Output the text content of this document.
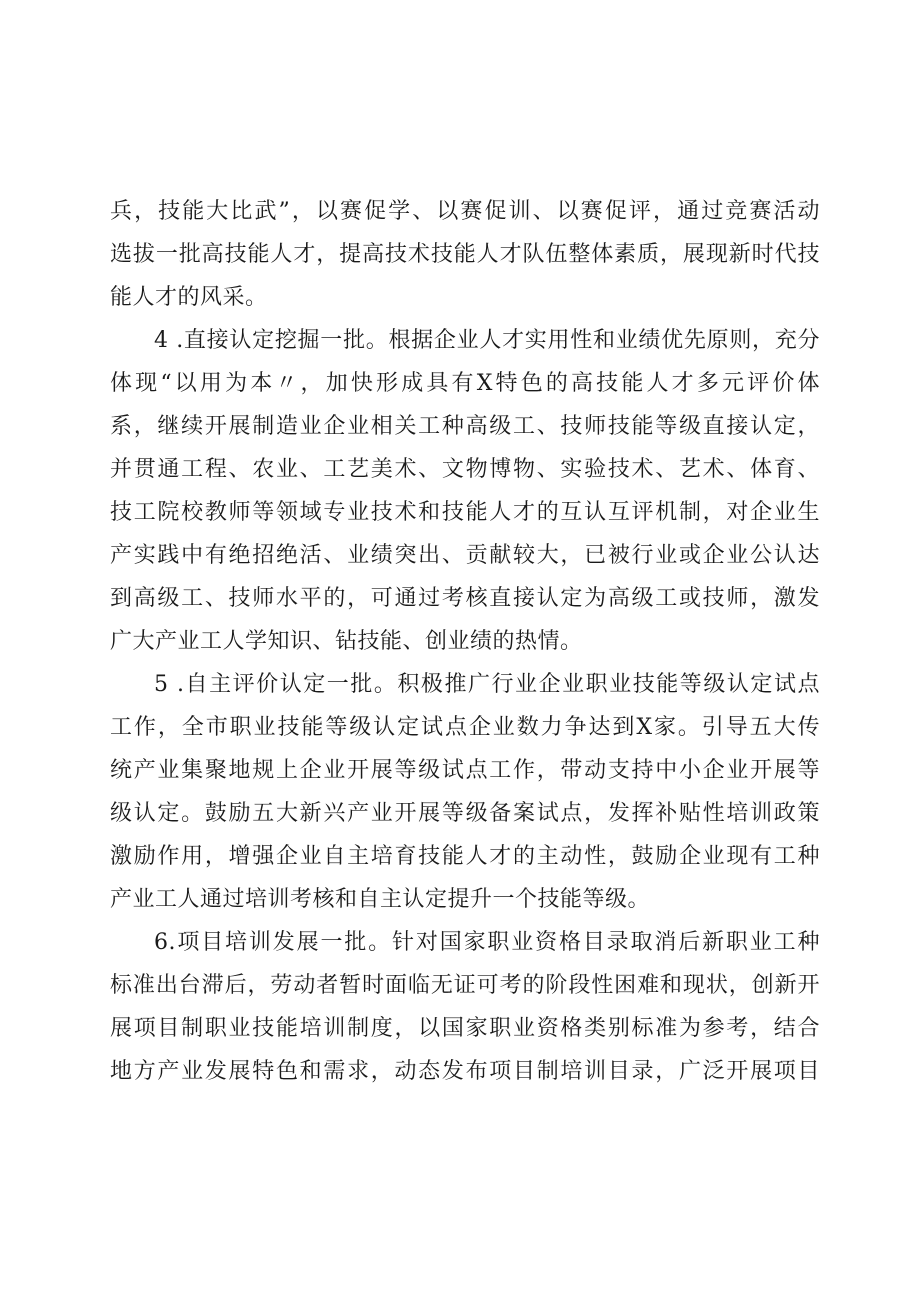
兵，技能大比武”，以赛促学、以赛促训、以赛促评，通过竞赛活动
选拔一批高技能人才，提高技术技能人才队伍整体素质，展现新时代技
能人才的风采。
4 .直接认定挖掘一批。根据企业人才实用性和业绩优先原则，充分
体现“以用为本〃，加快形成具有X特色的高技能人才多元评价体
系，继续开展制造业企业相关工种高级工、技师技能等级直接认定，
并贯通工程、农业、工艺美术、文物博物、实验技术、艺术、体育、
技工院校教师等领域专业技术和技能人才的互认互评机制，对企业生
产实践中有绝招绝活、业绩突出、贡献较大，已被行业或企业公认达
到高级工、技师水平的，可通过考核直接认定为高级工或技师，激发
广大产业工人学知识、钻技能、创业绩的热情。
5 .自主评价认定一批。积极推广行业企业职业技能等级认定试点
工作，全市职业技能等级认定试点企业数力争达到X家。引导五大传
统产业集聚地规上企业开展等级试点工作，带动支持中小企业开展等
级认定。鼓励五大新兴产业开展等级备案试点，发挥补贴性培训政策
激励作用，增强企业自主培育技能人才的主动性，鼓励企业现有工种
产业工人通过培训考核和自主认定提升一个技能等级。
6.项目培训发展一批。针对国家职业资格目录取消后新职业工种
标准出台滞后，劳动者暂时面临无证可考的阶段性困难和现状，创新开
展项目制职业技能培训制度，以国家职业资格类别标准为参考，结合
地方产业发展特色和需求，动态发布项目制培训目录，广泛开展项目
